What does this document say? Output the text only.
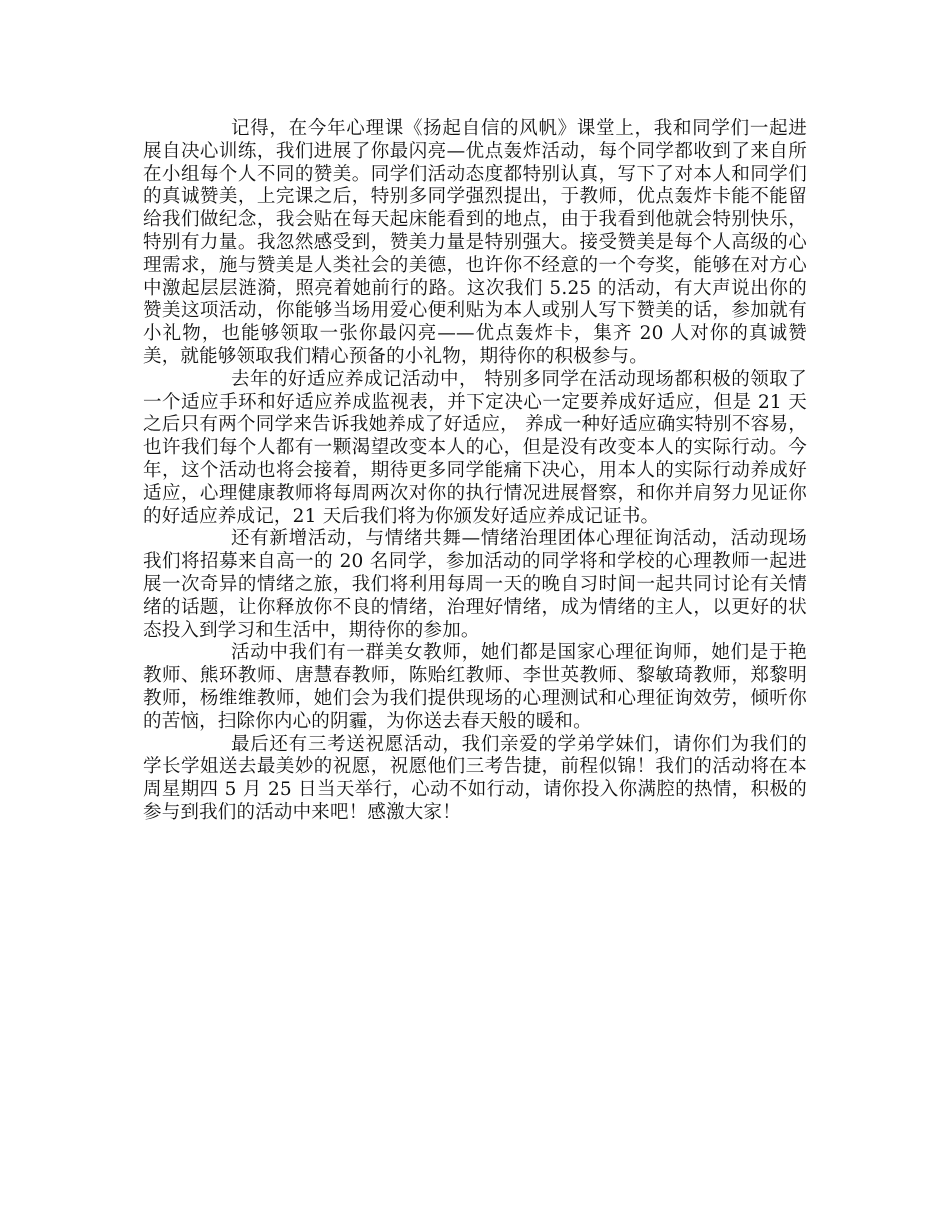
记得，在今年心理课《扬起自信的风帆》课堂上，我和同学们一起进展自决心训练，我们进展了你最闪亮—优点轰炸活动，每个同学都收到了来自所在小组每个人不同的赞美。同学们活动态度都特别认真，写下了对本人和同学们的真诚赞美，上完课之后，特别多同学强烈提出，于教师，优点轰炸卡能不能留给我们做纪念，我会贴在每天起床能看到的地点，由于我看到他就会特别快乐，特别有力量。我忽然感受到，赞美力量是特别强大。接受赞美是每个人高级的心理需求，施与赞美是人类社会的美德，也许你不经意的一个夸奖，能够在对方心中激起层层涟漪，照亮着她前行的路。这次我们 5.25 的活动，有大声说出你的赞美这项活动，你能够当场用爱心便利贴为本人或别人写下赞美的话，参加就有小礼物，也能够领取一张你最闪亮——优点轰炸卡，集齐 20 人对你的真诚赞美，就能够领取我们精心预备的小礼物，期待你的积极参与。

去年的好适应养成记活动中， 特别多同学在活动现场都积极的领取了一个适应手环和好适应养成监视表，并下定决心一定要养成好适应，但是 21 天之后只有两个同学来告诉我她养成了好适应， 养成一种好适应确实特别不容易，也许我们每个人都有一颗渴望改变本人的心，但是没有改变本人的实际行动。今年，这个活动也将会接着，期待更多同学能痛下决心，用本人的实际行动养成好适应，心理健康教师将每周两次对你的执行情况进展督察，和你并肩努力见证你的好适应养成记，21 天后我们将为你颁发好适应养成记证书。

还有新增活动，与情绪共舞—情绪治理团体心理征询活动，活动现场我们将招募来自高一的 20 名同学，参加活动的同学将和学校的心理教师一起进展一次奇异的情绪之旅，我们将利用每周一天的晚自习时间一起共同讨论有关情绪的话题，让你释放你不良的情绪，治理好情绪，成为情绪的主人，以更好的状态投入到学习和生活中，期待你的参加。

活动中我们有一群美女教师，她们都是国家心理征询师，她们是于艳教师、熊环教师、唐慧春教师，陈贻红教师、李世英教师、黎敏琦教师，郑黎明教师，杨维维教师，她们会为我们提供现场的心理测试和心理征询效劳，倾听你的苦恼，扫除你内心的阴霾，为你送去春天般的暖和。

最后还有三考送祝愿活动，我们亲爱的学弟学妹们，请你们为我们的学长学姐送去最美妙的祝愿，祝愿他们三考告捷，前程似锦！我们的活动将在本周星期四 5 月 25 日当天举行，心动不如行动，请你投入你满腔的热情，积极的参与到我们的活动中来吧！感激大家！
